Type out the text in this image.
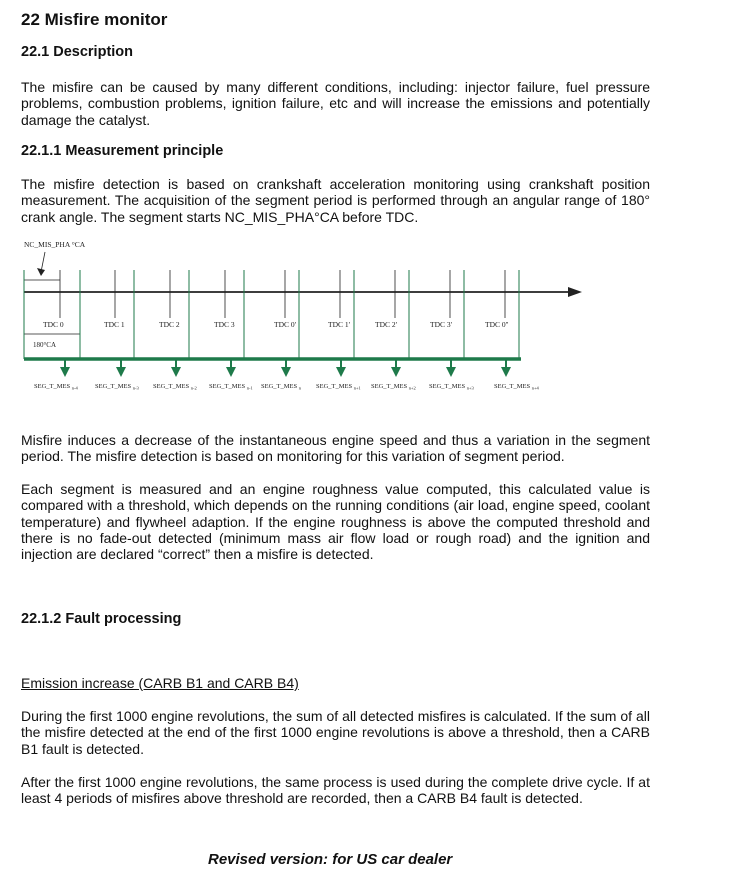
22 Misfire monitor
22.1 Description
The misfire can be caused by many different conditions, including: injector failure, fuel pressure problems, combustion problems, ignition failure, etc and will increase the emissions and potentially damage the catalyst.
22.1.1 Measurement principle
The misfire detection is based on crankshaft acceleration monitoring using crankshaft position measurement. The acquisition of the segment period is performed through an angular range of 180° crank angle. The segment starts NC_MIS_PHA°CA before TDC.
NC_MIS_PHA °CA
TDC 0	TDC 1	TDC 2	TDC 3	TDC 0'	TDC 1'	TDC 2'	TDC 3'	TDC 0''
180°CA
SEG_T_MES $_{n-4}$	SEG_T_MES $_{n-3}$ SEG_T_MES $_{n-2}$ SEG_T_MES $_{n-1}$ SEG_T_MES $_n$ SEG_T_MES $_{n+1}$ SEG_T_MES $_{n+2}$ SEG_T_MES $_{n+3}$	SEG_T_MES $_{n+4}$
Misfire induces a decrease of the instantaneous engine speed and thus a variation in the segment period. The misfire detection is based on monitoring for this variation of segment period.
Each segment is measured and an engine roughness value computed, this calculated value is compared with a threshold, which depends on the running conditions (air load, engine speed, coolant temperature) and flywheel adaption. If the engine roughness is above the computed threshold and there is no fade-out detected (minimum mass air flow load or rough road) and the ignition and injection are declared “correct” then a misfire is detected.
22.1.2 Fault processing
Emission increase (CARB B1 and CARB B4)
During the first 1000 engine revolutions, the sum of all detected misfires is calculated. If the sum of all the misfire detected at the end of the first 1000 engine revolutions is above a threshold, then a CARB B1 fault is detected.
After the first 1000 engine revolutions, the same process is used during the complete drive cycle. If at least 4 periods of misfires above threshold are recorded, then a CARB B4 fault is detected.
Revised version: for US car dealer
